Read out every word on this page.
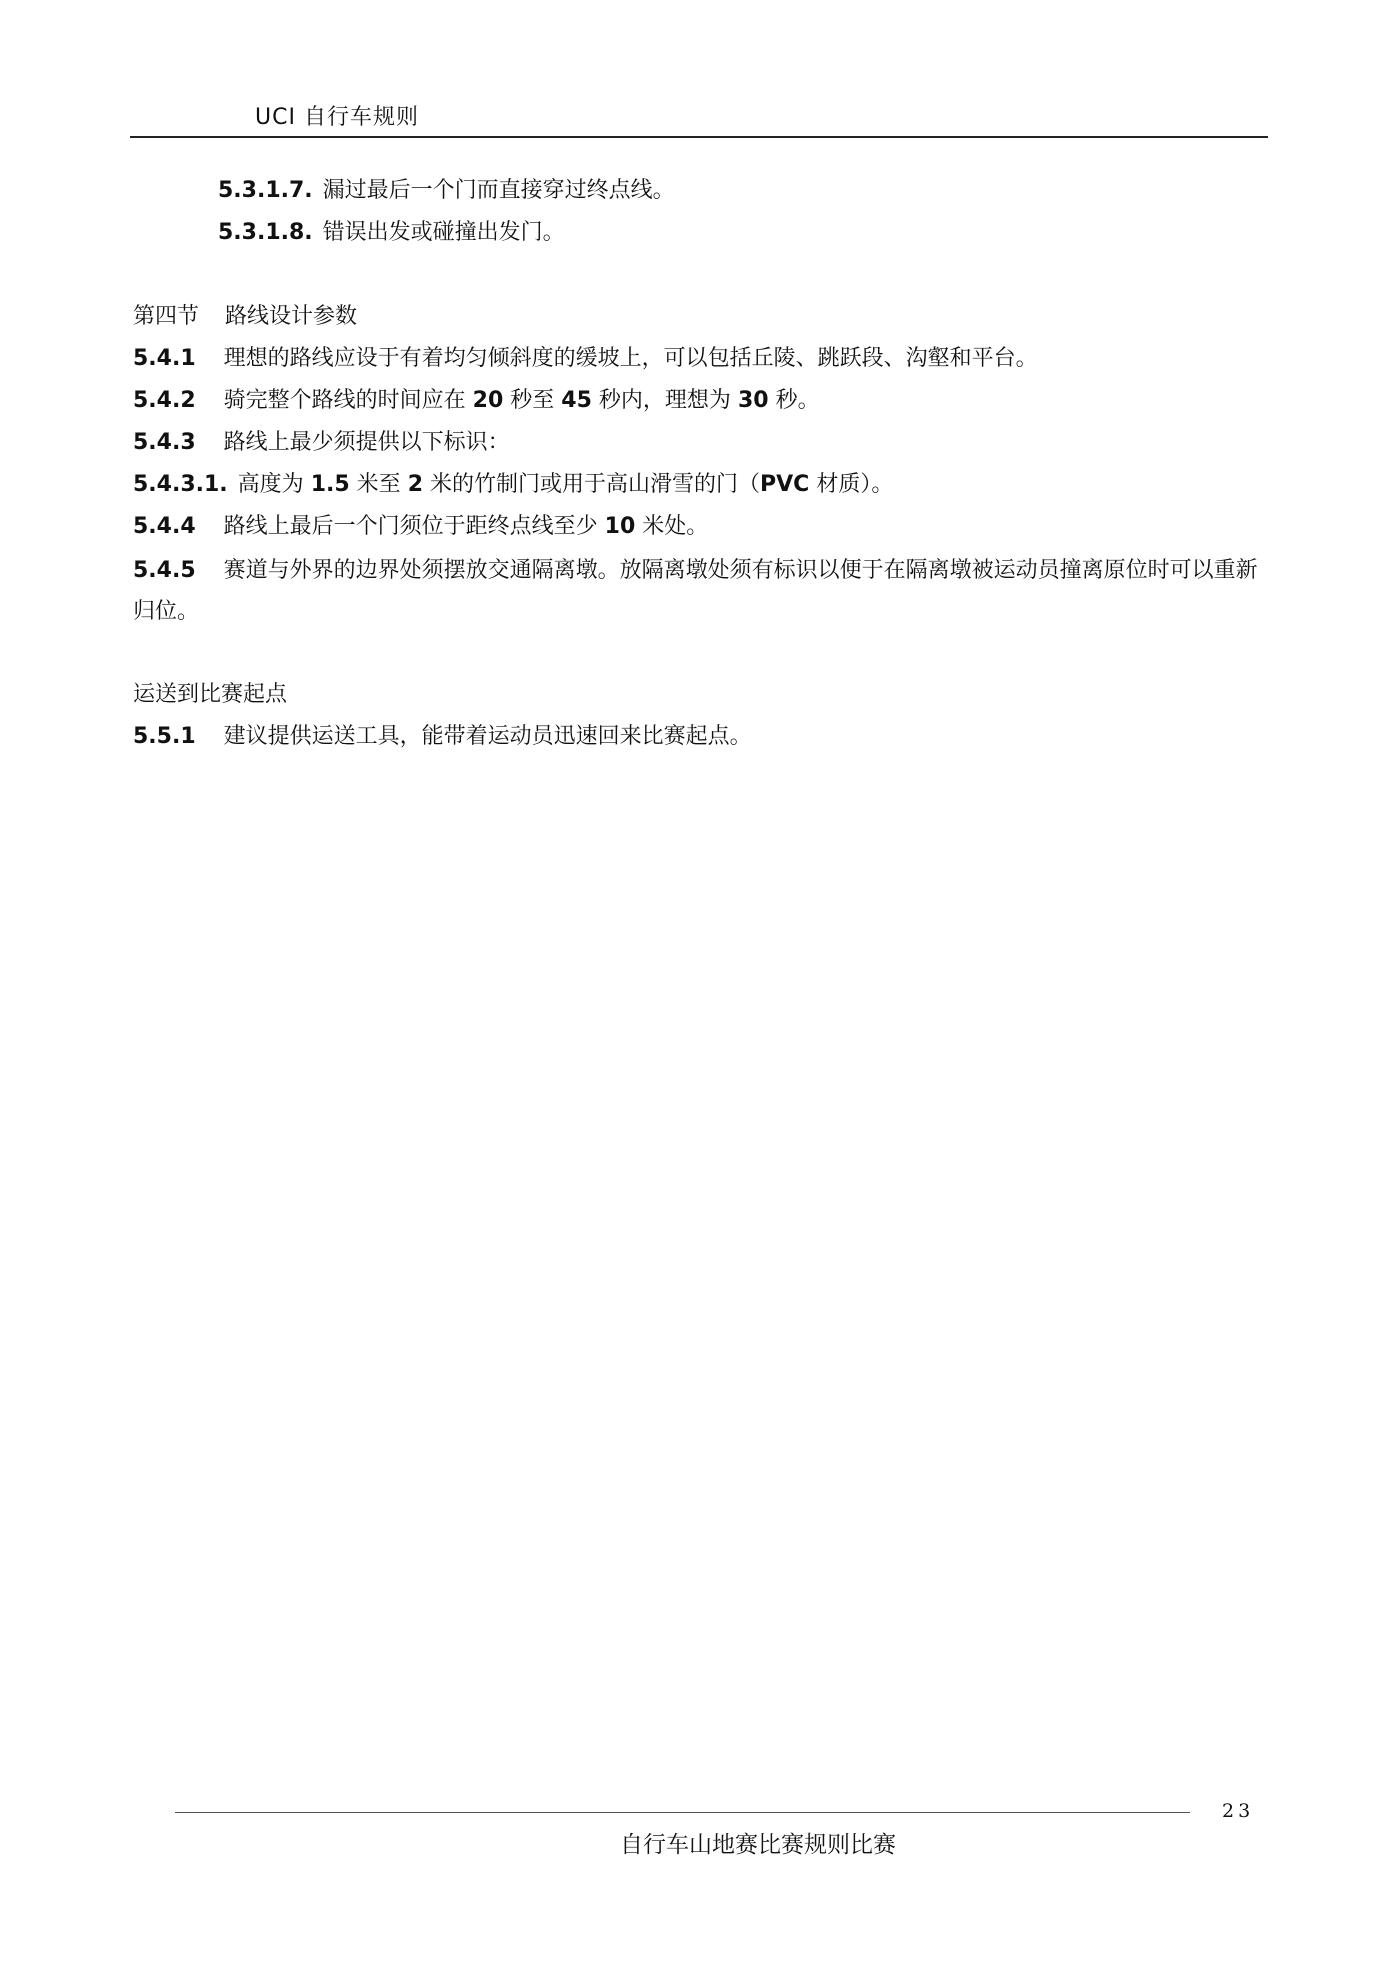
UCI 自行车规则
5.3.1.7. 漏过最后一个门而直接穿过终点线。
5.3.1.8. 错误出发或碰撞出发门。
第四节 路线设计参数
5.4.1 理想的路线应设于有着均匀倾斜度的缓坡上，可以包括丘陵、跳跃段、沟壑和平台。
5.4.2 骑完整个路线的时间应在 20 秒至 45 秒内，理想为 30 秒。
5.4.3 路线上最少须提供以下标识：
5.4.3.1. 高度为 1.5 米至 2 米的竹制门或用于高山滑雪的门（PVC 材质）。
5.4.4 路线上最后一个门须位于距终点线至少 10 米处。
5.4.5 赛道与外界的边界处须摆放交通隔离墩。放隔离墩处须有标识以便于在隔离墩被运动员撞离原位时可以重新归位。
运送到比赛起点
5.5.1 建议提供运送工具，能带着运动员迅速回来比赛起点。
23
自行车山地赛比赛规则比赛
